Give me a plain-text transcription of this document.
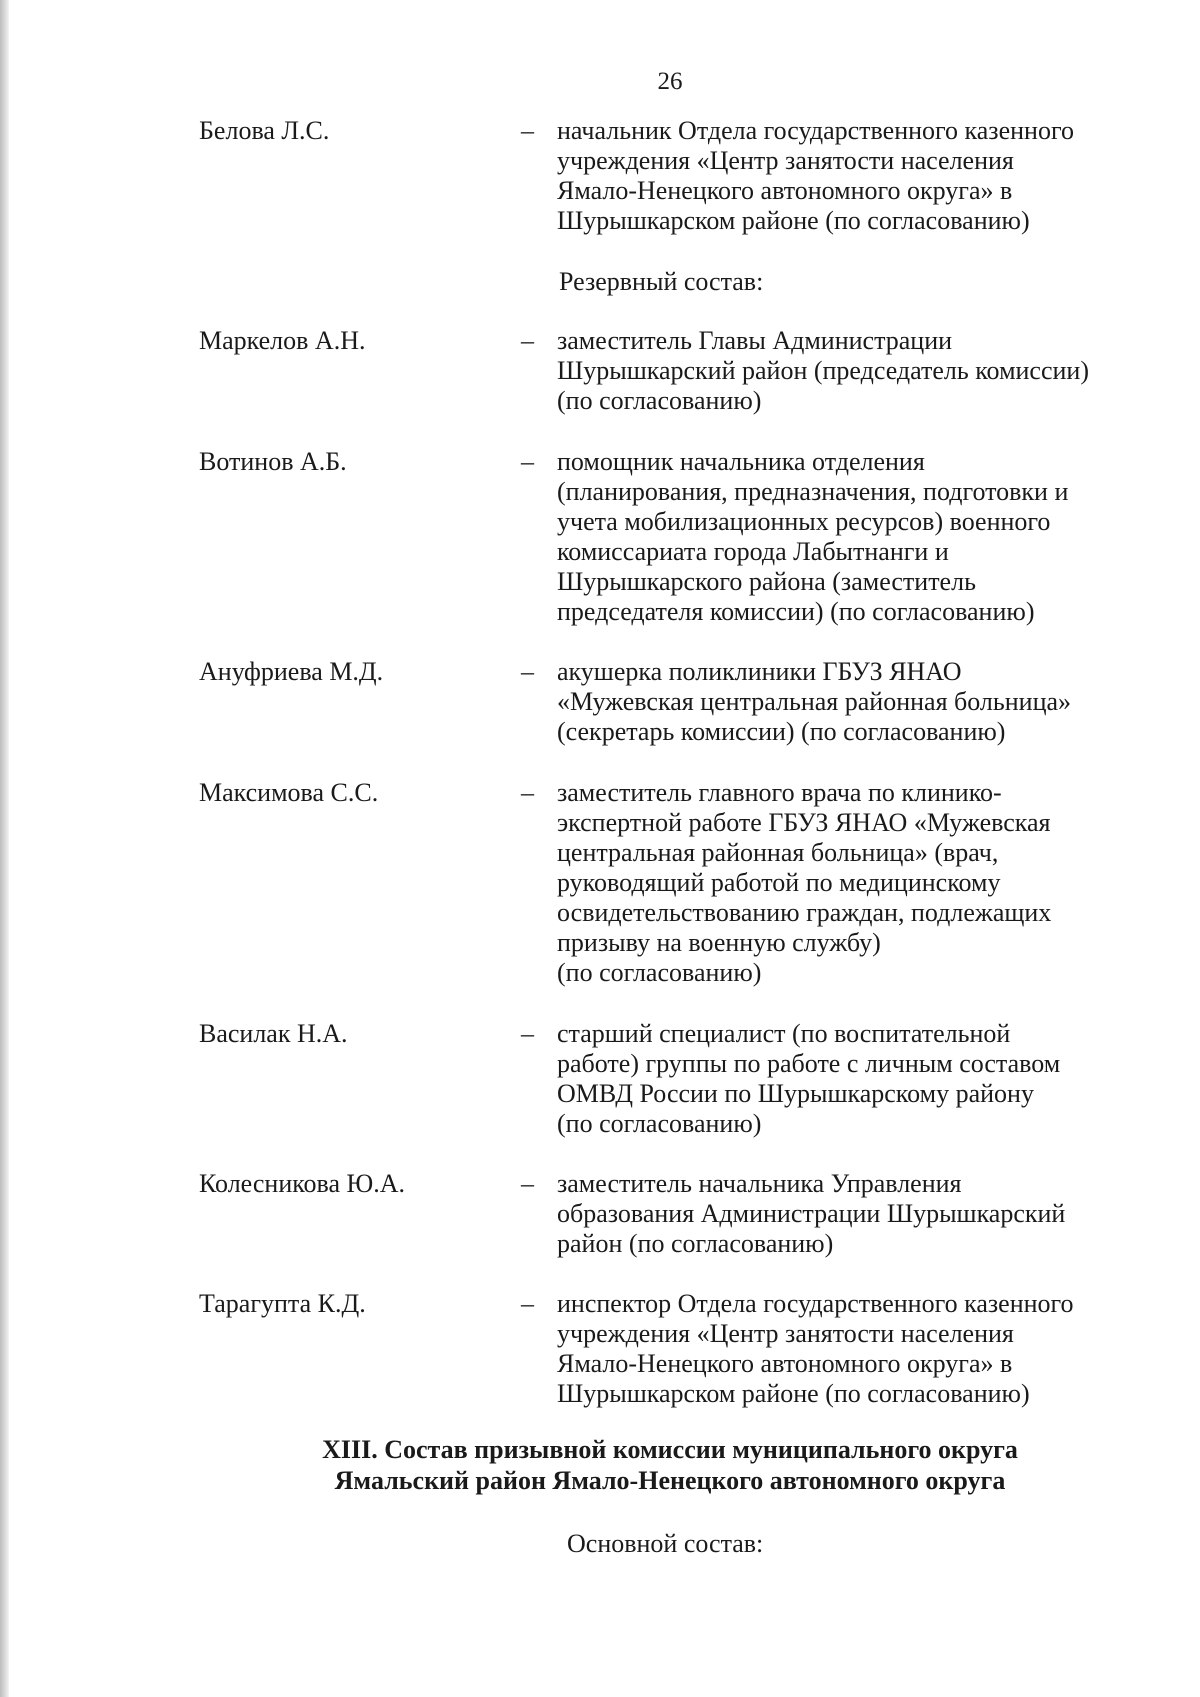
26
Белова Л.С.	– начальник Отдела государственного казенного
учреждения «Центр занятости населения
Ямало-Ненецкого автономного округа» в
Шурышкарском районе (по согласованию)
Маркелов А.Н.	– заместитель Главы Администрации
Шурышкарский район (председатель комиссии)
(по согласованию)
Вотинов А.Б.	– помощник начальника отделения
(планирования, предназначения, подготовки и
учета мобилизационных ресурсов) военного
комиссариата города Лабытнанги и
Шурышкарского района (заместитель
председателя комиссии) (по согласованию)
Ануфриева М.Д.	– акушерка поликлиники ГБУЗ ЯНАО
«Мужевская центральная районная больница»
(секретарь комиссии) (по согласованию)
Максимова С.С.	– заместитель главного врача по клинико-
экспертной работе ГБУЗ ЯНАО «Мужевская
центральная районная больница» (врач,
руководящий работой по медицинскому
освидетельствованию граждан, подлежащих
призыву на военную службу)
(по согласованию)
Василак Н.А.	– старший специалист (по воспитательной
работе) группы по работе с личным составом
ОМВД России по Шурышкарскому району
(по согласованию)
Колесникова Ю.А.	– заместитель начальника Управления
образования Администрации Шурышкарский
район (по согласованию)
Тарагупта К.Д.	– инспектор Отдела государственного казенного
учреждения «Центр занятости населения
Ямало-Ненецкого автономного округа» в
Шурышкарском районе (по согласованию)
Резервный состав:
XIII. Состав призывной комиссии муниципального округа
Ямальский район Ямало-Ненецкого автономного округа
Основной состав:
